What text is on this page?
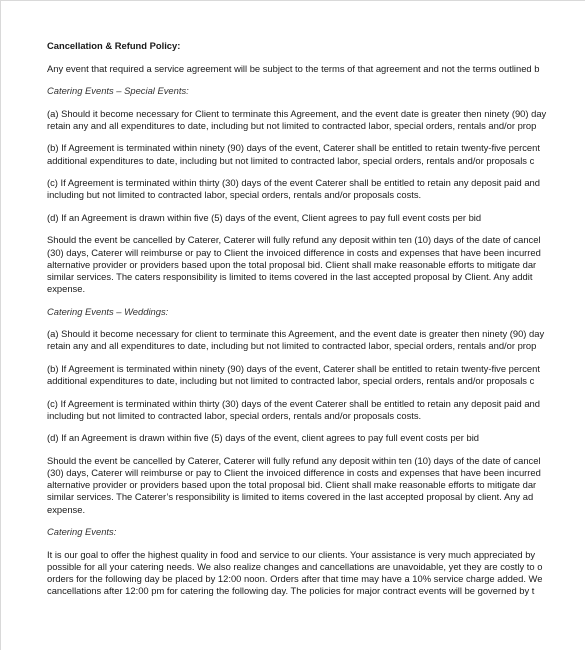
Cancellation & Refund Policy:

Any event that required a service agreement will be subject to the terms of that agreement and not the terms outlined b

Catering Events – Special Events:

(a) Should it become necessary for Client to terminate this Agreement, and the event date is greater then ninety (90) day
retain any and all expenditures to date, including but not limited to contracted labor, special orders, rentals and/or prop

(b) If Agreement is terminated within ninety (90) days of the event, Caterer shall be entitled to retain twenty-five percent
additional expenditures to date, including but not limited to contracted labor, special orders, rentals and/or proposals c

(c) If Agreement is terminated within thirty (30) days of the event Caterer shall be entitled to retain any deposit paid and
including but not limited to contracted labor, special orders, rentals and/or proposals costs.

(d) If an Agreement is drawn within five (5) days of the event, Client agrees to pay full event costs per bid

Should the event be cancelled by Caterer, Caterer will fully refund any deposit within ten (10) days of the date of cancel
(30) days, Caterer will reimburse or pay to Client the invoiced difference in costs and expenses that have been incurred
alternative provider or providers based upon the total proposal bid. Client shall make reasonable efforts to mitigate dar
similar services. The caters responsibility is limited to items covered in the last accepted proposal by Client. Any addit
expense.

Catering Events – Weddings:

(a) Should it become necessary for client to terminate this Agreement, and the event date is greater then ninety (90) day
retain any and all expenditures to date, including but not limited to contracted labor, special orders, rentals and/or prop

(b) If Agreement is terminated within ninety (90) days of the event, Caterer shall be entitled to retain twenty-five percent
additional expenditures to date, including but not limited to contracted labor, special orders, rentals and/or proposals c

(c) If Agreement is terminated within thirty (30) days of the event Caterer shall be entitled to retain any deposit paid and
including but not limited to contracted labor, special orders, rentals and/or proposals costs.

(d) If an Agreement is drawn within five (5) days of the event, client agrees to pay full event costs per bid

Should the event be cancelled by Caterer, Caterer will fully refund any deposit within ten (10) days of the date of cancel
(30) days, Caterer will reimburse or pay to Client the invoiced difference in costs and expenses that have been incurred
alternative provider or providers based upon the total proposal bid. Client shall make reasonable efforts to mitigate dar
similar services. The Caterer’s responsibility is limited to items covered in the last accepted proposal by client. Any ad
expense.

Catering Events:

It is our goal to offer the highest quality in food and service to our clients. Your assistance is very much appreciated by
possible for all your catering needs. We also realize changes and cancellations are unavoidable, yet they are costly to o
orders for the following day be placed by 12:00 noon. Orders after that time may have a 10% service charge added. We
cancellations after 12:00 pm for catering the following day. The policies for major contract events will be governed by t
